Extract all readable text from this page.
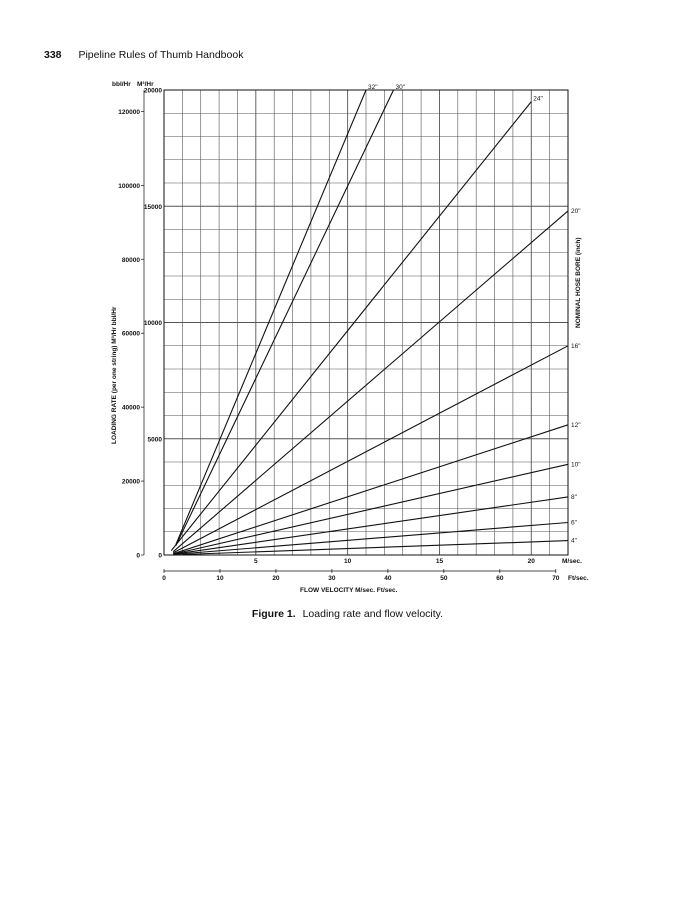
338 Pipeline Rules of Thumb Handbook
32"	30"
24"
20"
16"
12"
10"
8"
6"
4"
5	10	15	20
0	10	20	30	40	50	60	70
0
5000
10000
15000
20000
0
20000
40000
60000
80000
100000
120000
bbl/Hr M³/Hr
M/sec.
Ft/sec.
FLOW VELOCITY M/sec. Ft/sec.
LOADING RATE (per one string) M³/Hr bbl/Hr
NOMINAL HOSE BORE (inch)
Figure 1. Loading rate and flow velocity.
